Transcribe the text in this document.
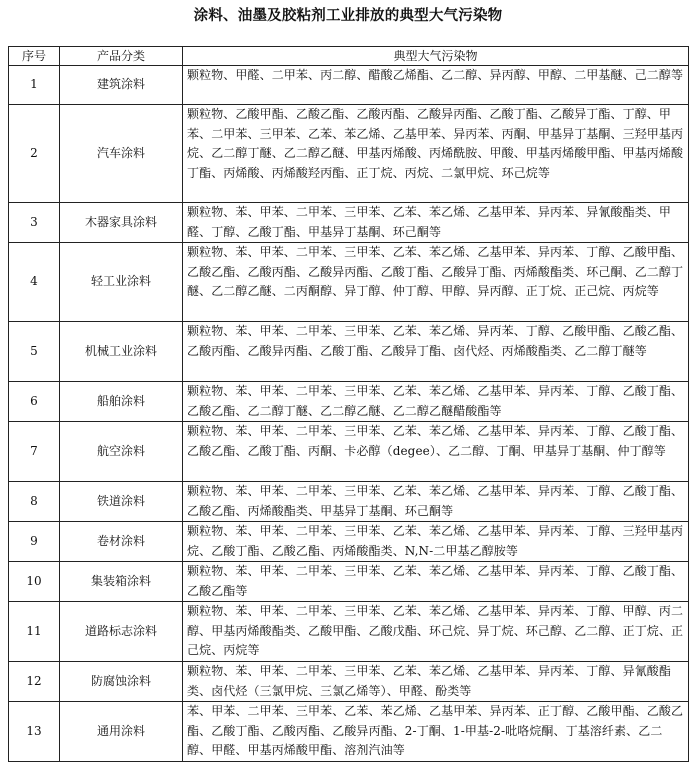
涂料、油墨及胶粘剂工业排放的典型大气污染物
序号	产品分类	典型大气污染物
1	建筑涂料	颗粒物、甲醛、二甲苯、丙二醇、醋酸乙烯酯、乙二醇、异丙醇、甲醇、二甲基醚、己二醇等
2	汽车涂料	颗粒物、乙酸甲酯、乙酸乙酯、乙酸丙酯、乙酸异丙酯、乙酸丁酯、乙酸异丁酯、丁醇、甲苯、二甲苯、三甲苯、乙苯、苯乙烯、乙基甲苯、异丙苯、丙酮、甲基异丁基酮、三羟甲基丙烷、乙二醇丁醚、乙二醇乙醚、甲基丙烯酸、丙烯酰胺、甲酸、甲基丙烯酸甲酯、甲基丙烯酸丁酯、丙烯酸、丙烯酸羟丙酯、正丁烷、丙烷、二氯甲烷、环己烷等
3	木器家具涂料	颗粒物、苯、甲苯、二甲苯、三甲苯、乙苯、苯乙烯、乙基甲苯、异丙苯、异氰酸酯类、甲醛、丁醇、乙酸丁酯、甲基异丁基酮、环己酮等
4	轻工业涂料	颗粒物、苯、甲苯、二甲苯、三甲苯、乙苯、苯乙烯、乙基甲苯、异丙苯、丁醇、乙酸甲酯、乙酸乙酯、乙酸丙酯、乙酸异丙酯、乙酸丁酯、乙酸异丁酯、丙烯酸酯类、环己酮、乙二醇丁醚、乙二醇乙醚、二丙酮醇、异丁醇、仲丁醇、甲醇、异丙醇、正丁烷、正己烷、丙烷等
5	机械工业涂料	颗粒物、苯、甲苯、二甲苯、三甲苯、乙苯、苯乙烯、异丙苯、丁醇、乙酸甲酯、乙酸乙酯、乙酸丙酯、乙酸异丙酯、乙酸丁酯、乙酸异丁酯、卤代烃、丙烯酸酯类、乙二醇丁醚等
6	船舶涂料	颗粒物、苯、甲苯、二甲苯、三甲苯、乙苯、苯乙烯、乙基甲苯、异丙苯、丁醇、乙酸丁酯、乙酸乙酯、乙二醇丁醚、乙二醇乙醚、乙二醇乙醚醋酸酯等
7	航空涂料	颗粒物、苯、甲苯、二甲苯、三甲苯、乙苯、苯乙烯、乙基甲苯、异丙苯、丁醇、乙酸丁酯、乙酸乙酯、乙酸丁酯、丙酮、卡必醇（degee）、乙二醇、丁酮、甲基异丁基酮、仲丁醇等
8	铁道涂料	颗粒物、苯、甲苯、二甲苯、三甲苯、乙苯、苯乙烯、乙基甲苯、异丙苯、丁醇、乙酸丁酯、乙酸乙酯、丙烯酸酯类、甲基异丁基酮、环己酮等
9	卷材涂料	颗粒物、苯、甲苯、二甲苯、三甲苯、乙苯、苯乙烯、乙基甲苯、异丙苯、丁醇、三羟甲基丙烷、乙酸丁酯、乙酸乙酯、丙烯酸酯类、N,N-二甲基乙醇胺等
10	集装箱涂料	颗粒物、苯、甲苯、二甲苯、三甲苯、乙苯、苯乙烯、乙基甲苯、异丙苯、丁醇、乙酸丁酯、乙酸乙酯等
11	道路标志涂料	颗粒物、苯、甲苯、二甲苯、三甲苯、乙苯、苯乙烯、乙基甲苯、异丙苯、丁醇、甲醇、丙二醇、甲基丙烯酸酯类、乙酸甲酯、乙酸戊酯、环己烷、异丁烷、环己醇、乙二醇、正丁烷、正己烷、丙烷等
12	防腐蚀涂料	颗粒物、苯、甲苯、二甲苯、三甲苯、乙苯、苯乙烯、乙基甲苯、异丙苯、丁醇、异氰酸酯类、卤代烃（三氯甲烷、三氯乙烯等）、甲醛、酚类等
13	通用涂料	苯、甲苯、二甲苯、三甲苯、乙苯、苯乙烯、乙基甲苯、异丙苯、正丁醇、乙酸甲酯、乙酸乙酯、乙酸丁酯、乙酸丙酯、乙酸异丙酯、2-丁酮、1-甲基-2-吡咯烷酮、丁基溶纤素、乙二醇、甲醛、甲基丙烯酸甲酯、溶剂汽油等
